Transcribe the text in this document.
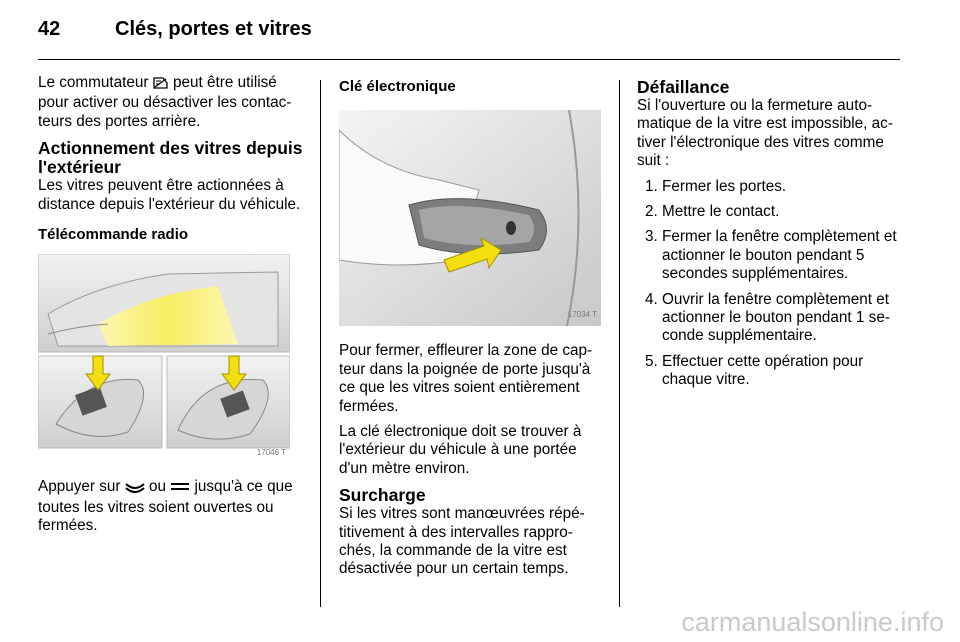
42	Clés, portes et vitres

Le commutateur  peut être utilisé pour activer ou désactiver les contac-teurs des portes arrière.

Actionnement des vitres depuis l'extérieur

Les vitres peuvent être actionnées à distance depuis l'extérieur du véhicule.

Télécommande radio

17046 T

Appuyer sur  ou  jusqu'à ce que toutes les vitres soient ouvertes ou fermées.

Clé électronique

17034 T

Pour fermer, effleurer la zone de cap-teur dans la poignée de porte jusqu'à ce que les vitres soient entièrement fermées.

La clé électronique doit se trouver à l'extérieur du véhicule à une portée d'un mètre environ.

Surcharge

Si les vitres sont manœuvrées répé-titivement à des intervalles rappro-chés, la commande de la vitre est désactivée pour un certain temps.

Défaillance

Si l'ouverture ou la fermeture auto-matique de la vitre est impossible, ac-tiver l'électronique des vitres comme suit :

1. Fermer les portes.
2. Mettre le contact.
3. Fermer la fenêtre complètement et actionner le bouton pendant 5 secondes supplémentaires.
4. Ouvrir la fenêtre complètement et actionner le bouton pendant 1 se-conde supplémentaire.
5. Effectuer cette opération pour chaque vitre.
carmanualsonline.info
